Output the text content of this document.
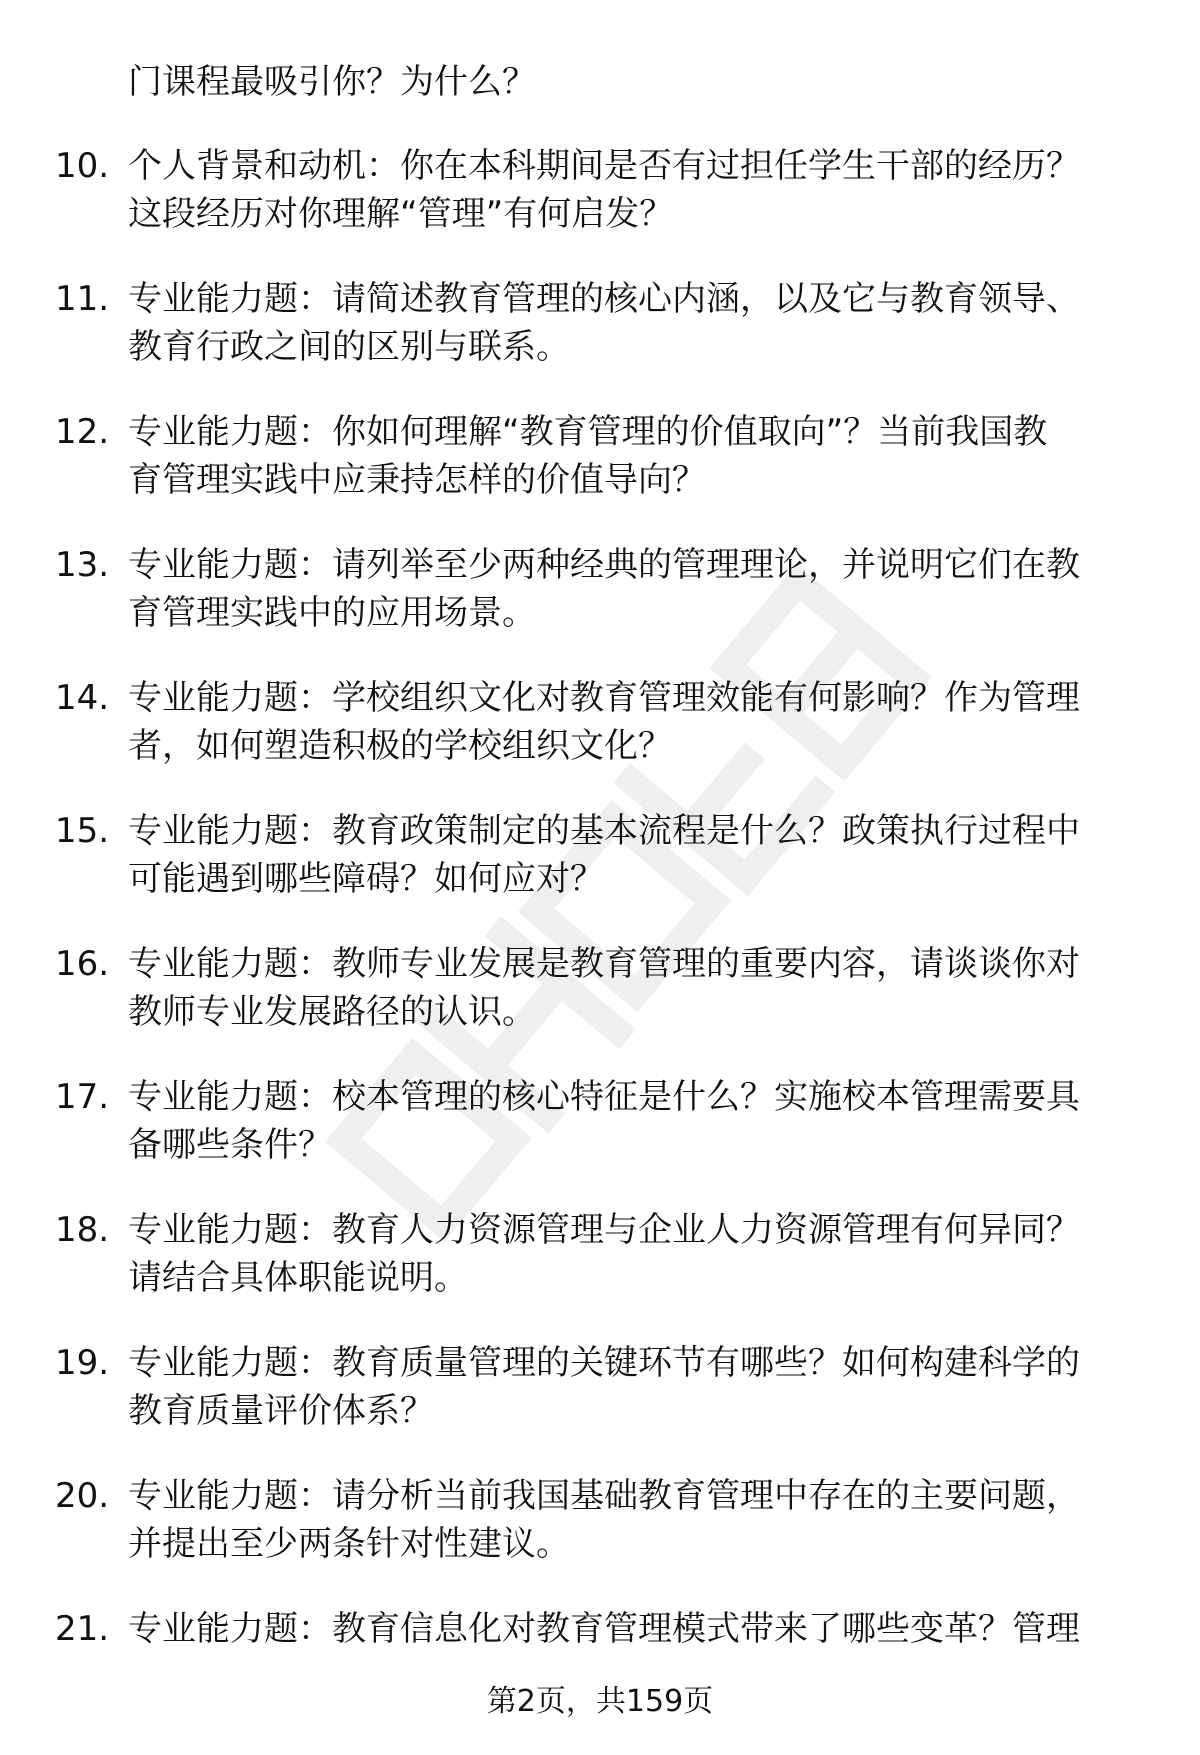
门课程最吸引你？为什么？
10. 个人背景和动机：你在本科期间是否有过担任学生干部的经历？
这段经历对你理解“管理”有何启发？
11. 专业能力题：请简述教育管理的核心内涵，以及它与教育领导、
教育行政之间的区别与联系。
12. 专业能力题：你如何理解“教育管理的价值取向”？当前我国教
育管理实践中应秉持怎样的价值导向？
13. 专业能力题：请列举至少两种经典的管理理论，并说明它们在教
育管理实践中的应用场景。
14. 专业能力题：学校组织文化对教育管理效能有何影响？作为管理
者，如何塑造积极的学校组织文化？
15. 专业能力题：教育政策制定的基本流程是什么？政策执行过程中
可能遇到哪些障碍？如何应对？
16. 专业能力题：教师专业发展是教育管理的重要内容，请谈谈你对
教师专业发展路径的认识。
17. 专业能力题：校本管理的核心特征是什么？实施校本管理需要具
备哪些条件？
18. 专业能力题：教育人力资源管理与企业人力资源管理有何异同？
请结合具体职能说明。
19. 专业能力题：教育质量管理的关键环节有哪些？如何构建科学的
教育质量评价体系？
20. 专业能力题：请分析当前我国基础教育管理中存在的主要问题，
并提出至少两条针对性建议。
21. 专业能力题：教育信息化对教育管理模式带来了哪些变革？管理
第2页，共159页
